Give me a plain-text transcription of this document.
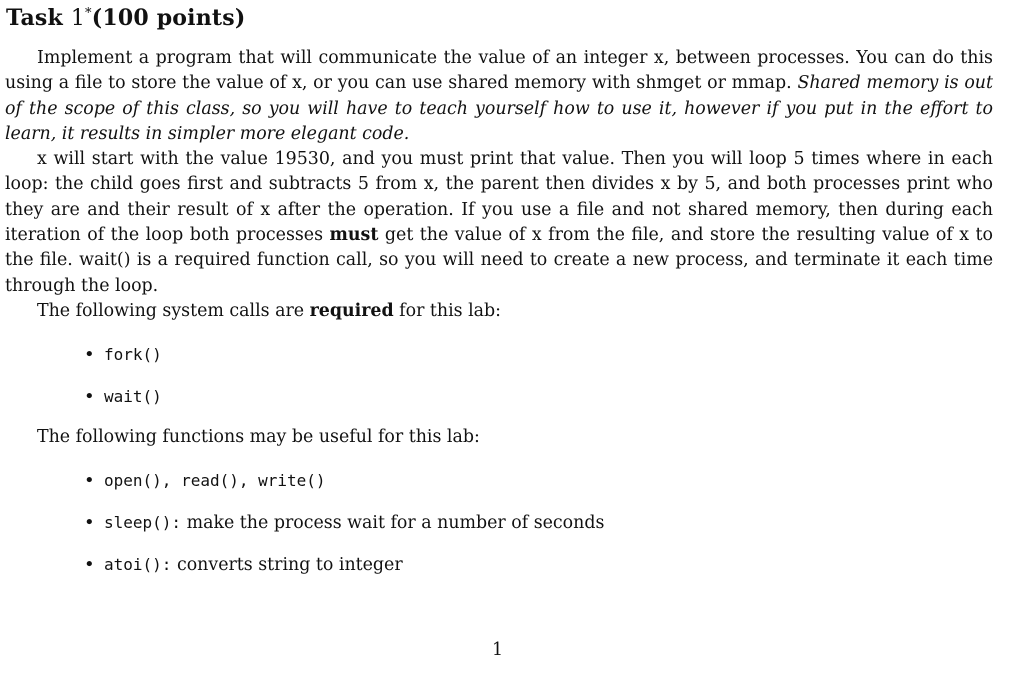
Task 1*(100 points)

Implement a program that will communicate the value of an integer x, between processes. You can do this using a file to store the value of x, or you can use shared memory with shmget or mmap. Shared memory is out of the scope of this class, so you will have to teach yourself how to use it, however if you put in the effort to learn, it results in simpler more elegant code.

x will start with the value 19530, and you must print that value. Then you will loop 5 times where in each loop: the child goes first and subtracts 5 from x, the parent then divides x by 5, and both processes print who they are and their result of x after the operation. If you use a file and not shared memory, then during each iteration of the loop both processes must get the value of x from the file, and store the resulting value of x to the file. wait() is a required function call, so you will need to create a new process, and terminate it each time through the loop.

The following system calls are required for this lab:

• fork()
• wait()
The following functions may be useful for this lab:
• open(), read(), write()
• sleep(): make the process wait for a number of seconds
• atoi(): converts string to integer
1
